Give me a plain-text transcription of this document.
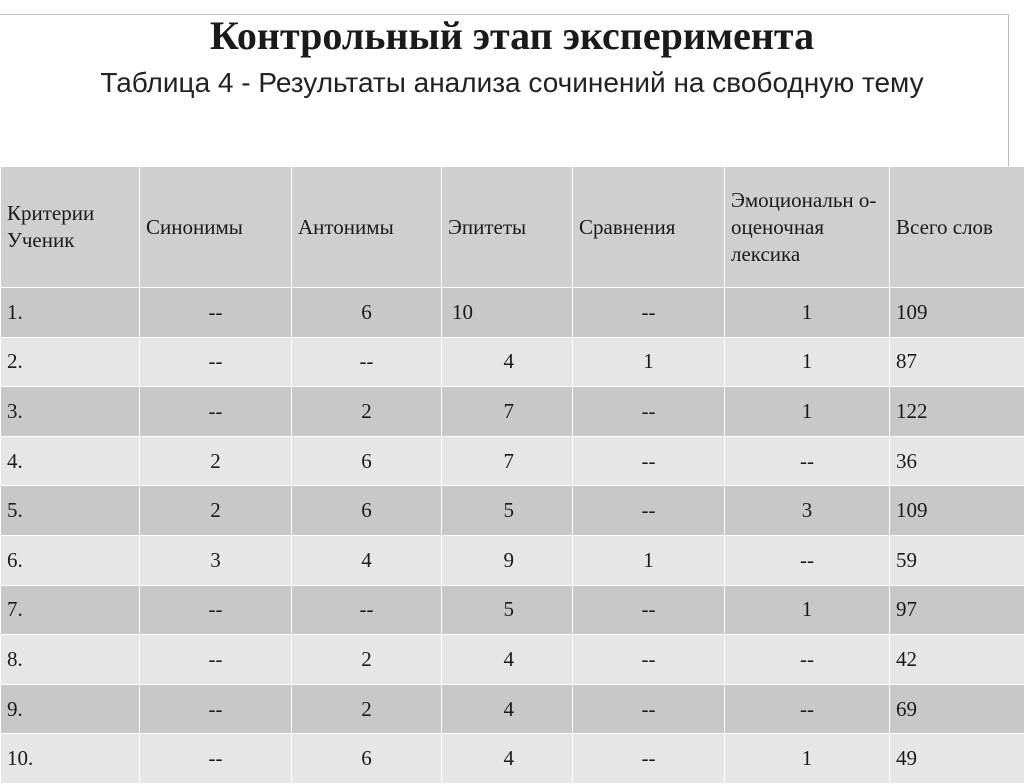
Контрольный этап эксперимента
Таблица 4 - Результаты анализа сочинений на свободную тему
Критерии Ученик	Синонимы	Антонимы	Эпитеты	Сравнения	Эмоциональн о-оценочная лексика	Всего слов
1.	--	6	10	--	1	109
2.	--	--	4	1	1	87
3.	--	2	7	--	1	122
4.	2	6	7	--	--	36
5.	2	6	5	--	3	109
6.	3	4	9	1	--	59
7.	--	--	5	--	1	97
8.	--	2	4	--	--	42
9.	--	2	4	--	--	69
10.	--	6	4	--	1	49
